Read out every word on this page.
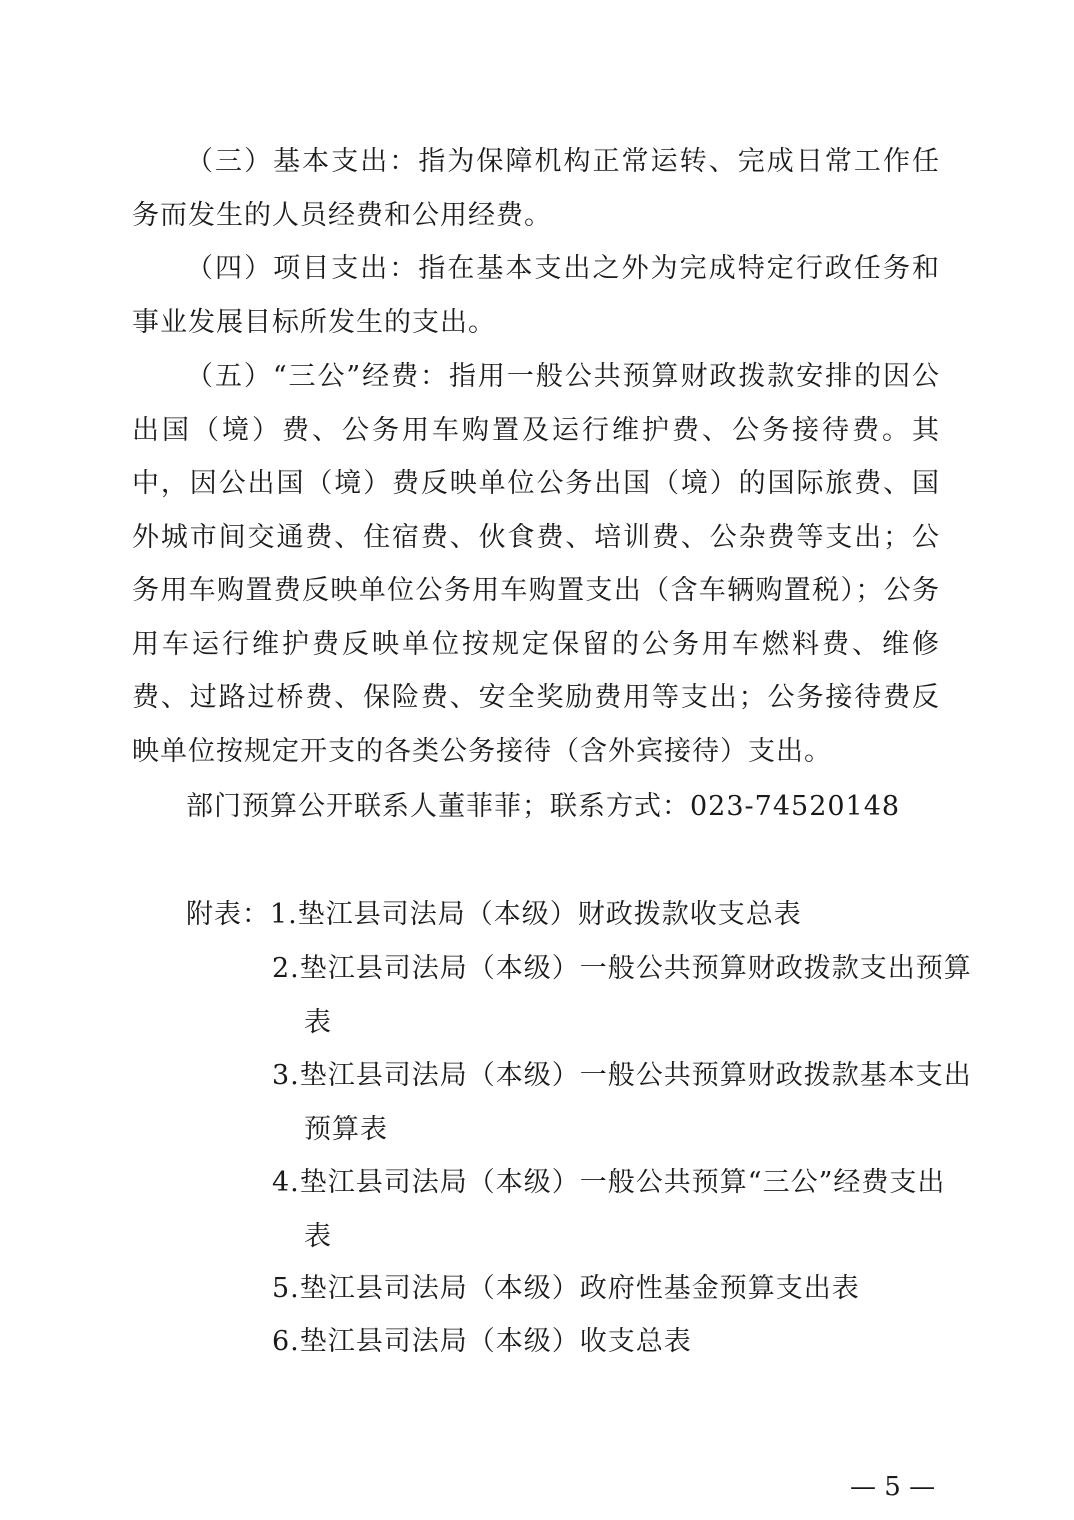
（三）基本支出：指为保障机构正常运转、完成日常工作任务而发生的人员经费和公用经费。

（四）项目支出：指在基本支出之外为完成特定行政任务和事业发展目标所发生的支出。

（五）“三公”经费：指用一般公共预算财政拨款安排的因公出国（境）费、公务用车购置及运行维护费、公务接待费。其中，因公出国（境）费反映单位公务出国（境）的国际旅费、国外城市间交通费、住宿费、伙食费、培训费、公杂费等支出；公务用车购置费反映单位公务用车购置支出（含车辆购置税）；公务用车运行维护费反映单位按规定保留的公务用车燃料费、维修费、过路过桥费、保险费、安全奖励费用等支出；公务接待费反映单位按规定开支的各类公务接待（含外宾接待）支出。

部门预算公开联系人董菲菲；联系方式：023-74520148

附表：1.垫江县司法局（本级）财政拨款收支总表

2.垫江县司法局（本级）一般公共预算财政拨款支出预算表

3.垫江县司法局（本级）一般公共预算财政拨款基本支出预算表

4.垫江县司法局（本级）一般公共预算“三公”经费支出表

5.垫江县司法局（本级）政府性基金预算支出表

6.垫江县司法局（本级）收支总表

— 5 —
